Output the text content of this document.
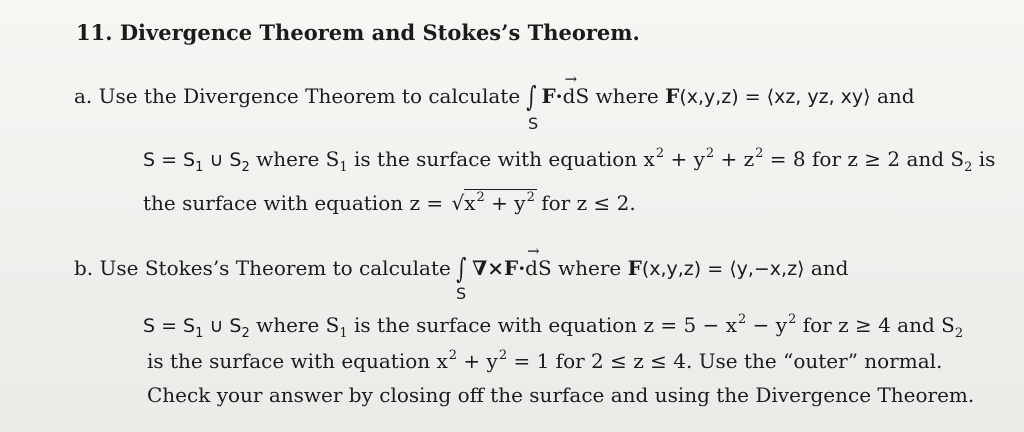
11. Divergence Theorem and Stokes’s Theorem.
a. Use the Divergence Theorem to calculate ∫ F·
→
dS where F(x,y,z) = ⟨xz, yz, xy⟩ and
S
$S = S_1$ ∪ $S_2$ where $S_1$ is the surface with equation $x^2 + y^2 + z^2 = 8$ for z ≥ 2 and $S_2$ is
the surface with equation z = √
$x^2 + y^2$ for z ≤ 2.
b. Use Stokes’s Theorem to calculate ∫ ∇×F·
→
dS where F(x,y,z) = ⟨y,−x,z⟩ and
S
$S = S_1$ ∪ $S_2$ where $S_1$ is the surface with equation $z = 5 - x^2 - y^2$ for z ≥ 4 and $S_2$
is the surface with equation $x^2 + y^2 = 1$ for 2 ≤ z ≤ 4. Use the “outer” normal.
Check your answer by closing off the surface and using the Divergence Theorem.
